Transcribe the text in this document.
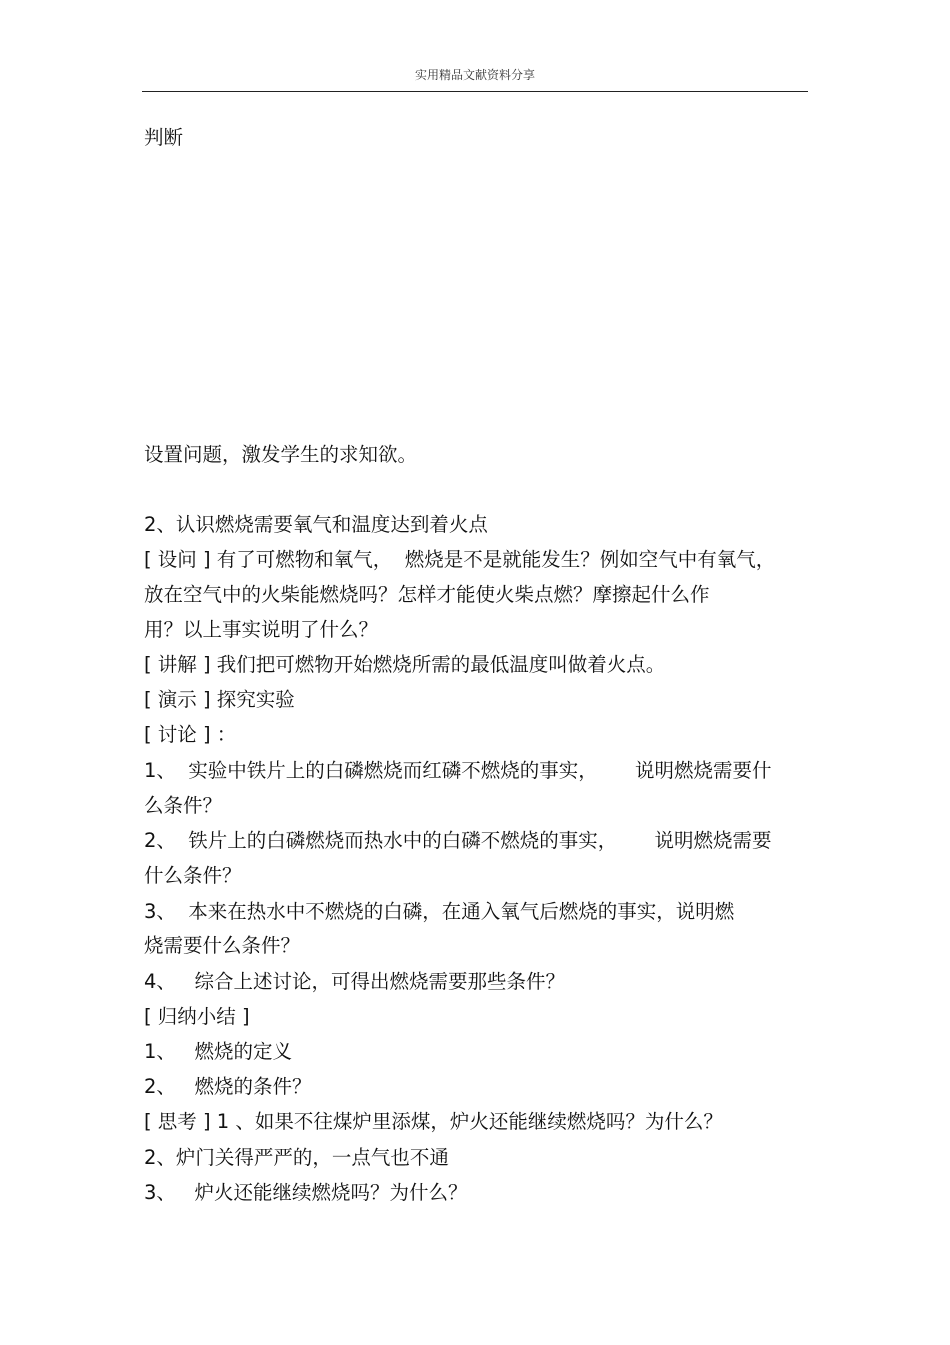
实用精品文献资料分享
判断
设置问题，激发学生的求知欲。
2、认识燃烧需要氧气和温度达到着火点
[ 设问 ] 有了可燃物和氧气，  燃烧是不是就能发生？例如空气中有氧气，
放在空气中的火柴能燃烧吗？怎样才能使火柴点燃？摩擦起什么作
用？以上事实说明了什么？
[ 讲解 ] 我们把可燃物开始燃烧所需的最低温度叫做着火点。
[ 演示 ] 探究实验
[ 讨论 ] ：
1、  实验中铁片上的白磷燃烧而红磷不燃烧的事实，      说明燃烧需要什
么条件？
2、  铁片上的白磷燃烧而热水中的白磷不燃烧的事实，      说明燃烧需要
什么条件？
3、  本来在热水中不燃烧的白磷，在通入氧气后燃烧的事实，说明燃
烧需要什么条件？
4、   综合上述讨论，可得出燃烧需要那些条件？
[ 归纳小结 ]
1、   燃烧的定义
2、   燃烧的条件？
[ 思考 ] 1 、如果不往煤炉里添煤，炉火还能继续燃烧吗？为什么？
2、炉门关得严严的，一点气也不通
3、   炉火还能继续燃烧吗？为什么？
